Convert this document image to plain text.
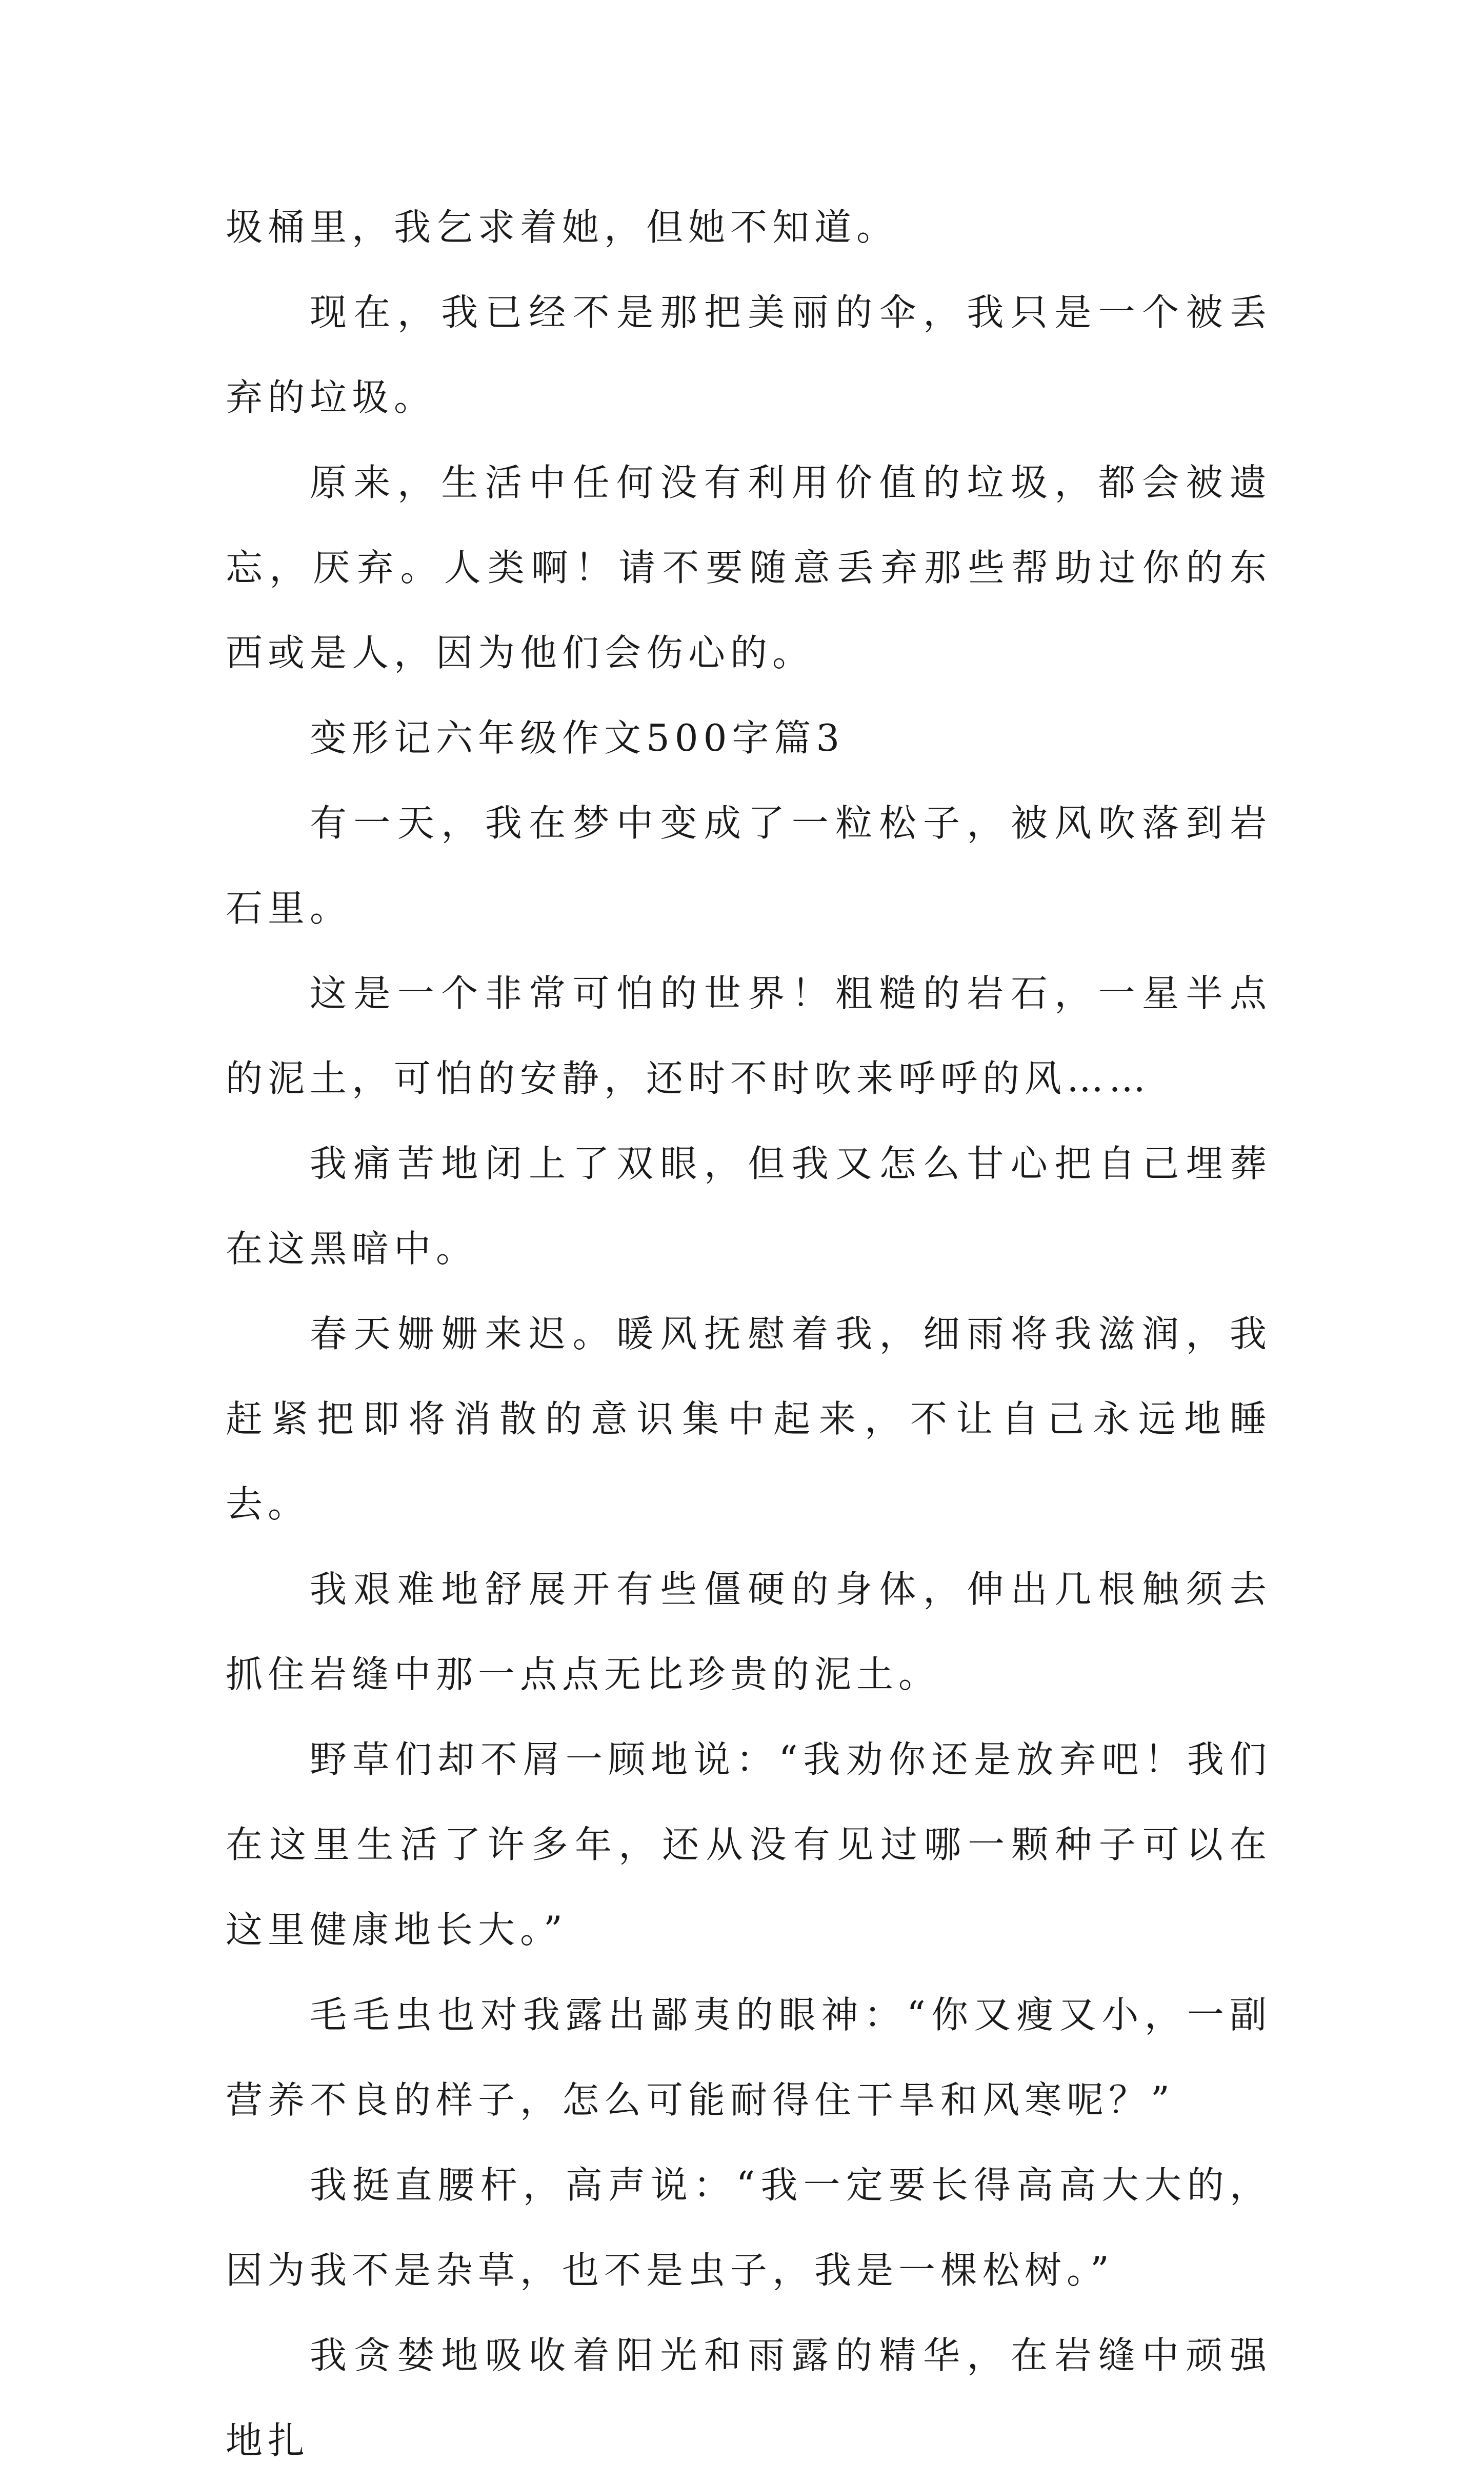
圾桶里，我乞求着她，但她不知道。

现在，我已经不是那把美丽的伞，我只是一个被丢弃的垃圾。

原来，生活中任何没有利用价值的垃圾，都会被遗忘，厌弃。人类啊！请不要随意丢弃那些帮助过你的东西或是人，因为他们会伤心的。

变形记六年级作文500字篇3

有一天，我在梦中变成了一粒松子，被风吹落到岩石里。

这是一个非常可怕的世界！粗糙的岩石，一星半点的泥土，可怕的安静，还时不时吹来呼呼的风……

我痛苦地闭上了双眼，但我又怎么甘心把自己埋葬在这黑暗中。

春天姗姗来迟。暖风抚慰着我，细雨将我滋润，我赶紧把即将消散的意识集中起来，不让自己永远地睡去。

我艰难地舒展开有些僵硬的身体，伸出几根触须去抓住岩缝中那一点点无比珍贵的泥土。

野草们却不屑一顾地说：“我劝你还是放弃吧！我们在这里生活了许多年，还从没有见过哪一颗种子可以在这里健康地长大。”

毛毛虫也对我露出鄙夷的眼神：“你又瘦又小，一副营养不良的样子，怎么可能耐得住干旱和风寒呢？”

我挺直腰杆，高声说：“我一定要长得高高大大的，因为我不是杂草，也不是虫子，我是一棵松树。”

我贪婪地吸收着阳光和雨露的精华，在岩缝中顽强地扎
